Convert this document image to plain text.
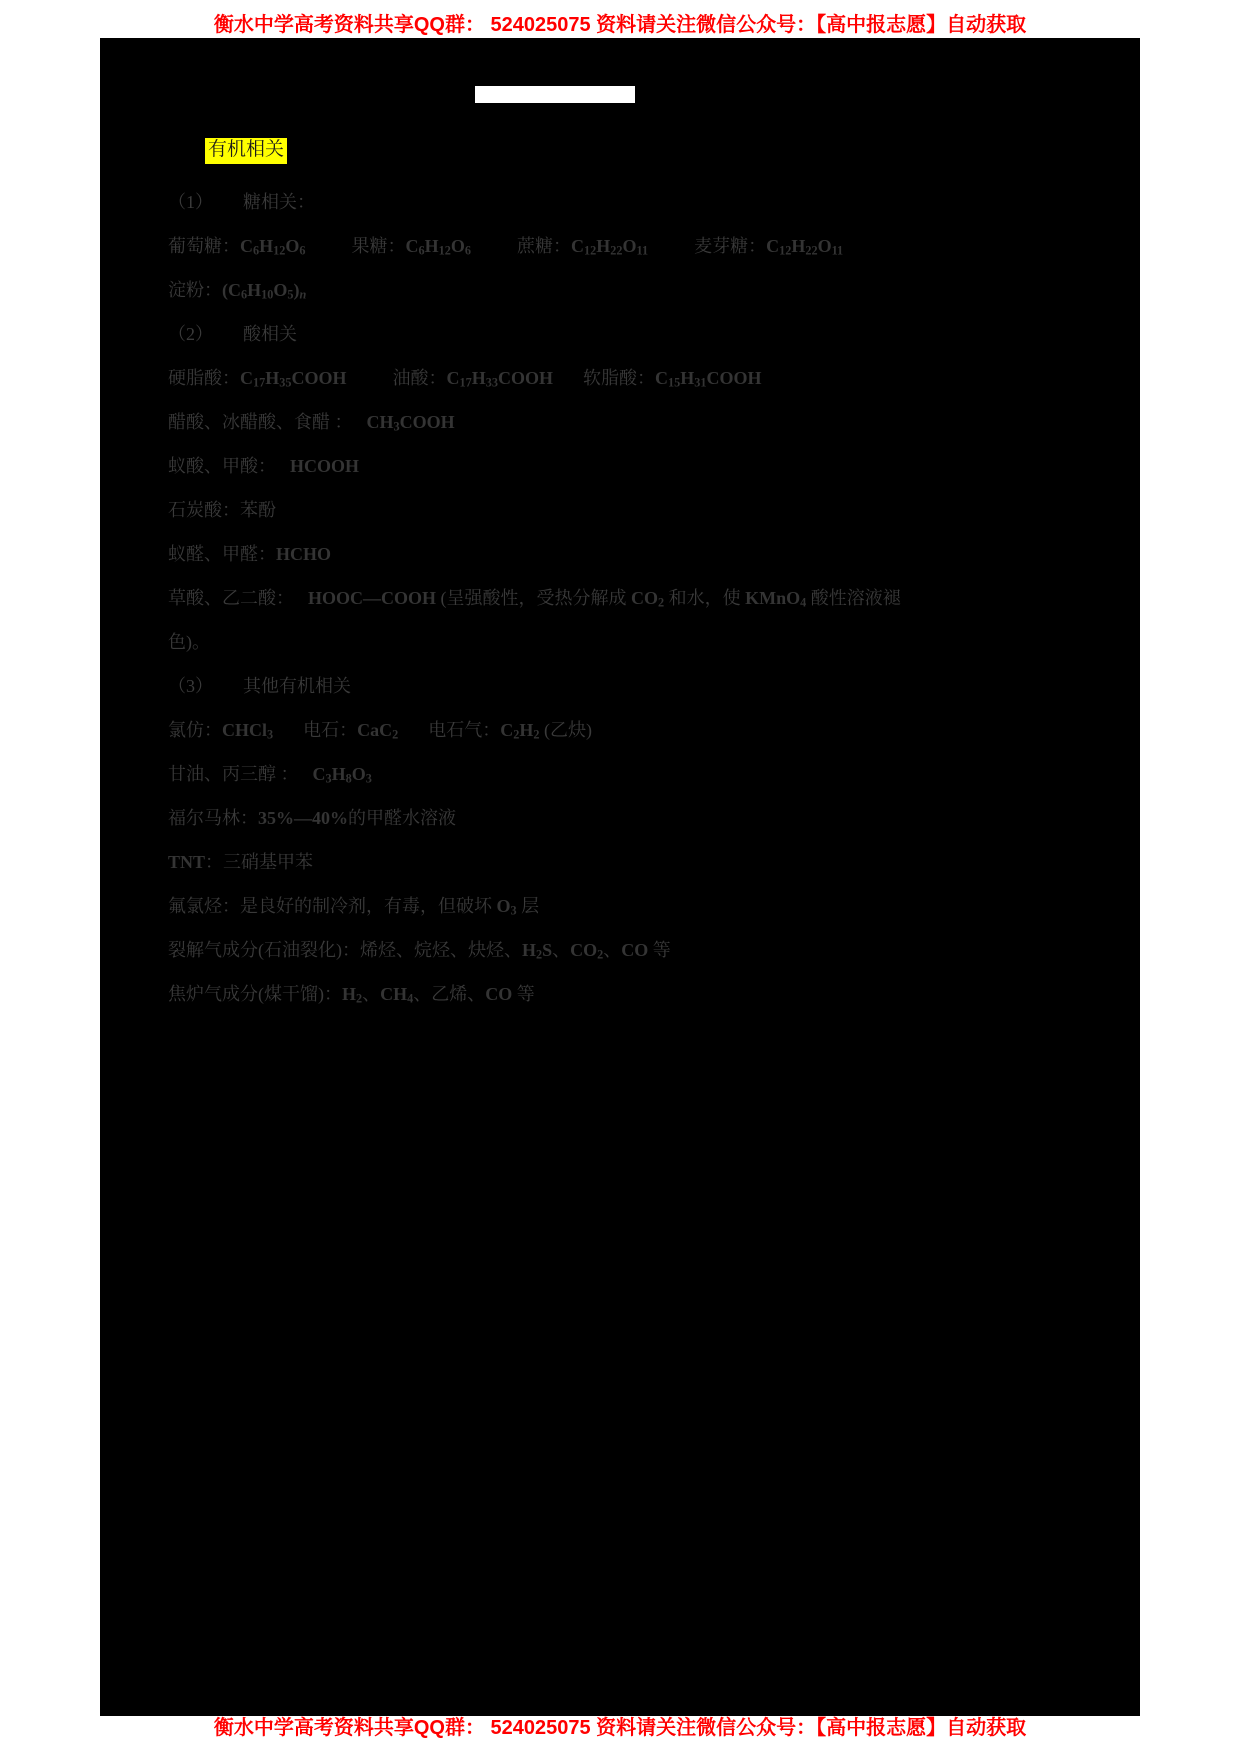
衡水中学高考资料共享QQ群： 524025075 资料请关注微信公众号：【高中报志愿】自动获取
有机相关
（1） 糖相关：
葡萄糖：$C_6H_{12}O_6$	果糖：$C_6H_{12}O_6$	蔗糖：$C_{12}H_{22}O_{11}$	麦芽糖：$C_{12}H_{22}O_{11}$
淀粉：$(C_6H_{10}O_5)_n$
（2） 酸相关
硬脂酸：$C_{17}H_{35}COOH$	油酸：$C_{17}H_{33}COOH$ 软脂酸：$C_{15}H_{31}COOH$
醋酸、冰醋酸、食醋 ： $CH_3COOH$
蚁酸、甲酸： HCOOH
石炭酸：苯酚
蚁醛、甲醛：HCHO
草酸、乙二酸： HOOC—COOH (呈强酸性，受热分解成 $CO_2$ 和水，使 KMnO$_4$ 酸性溶液褪
色)。
（3） 其他有机相关
氯仿：CHCl$_3$ 电石：CaC$_2$ 电石气：$C_2H_2$ (乙炔)
甘油、丙三醇 ： $C_3H_8O_3$
福尔马林：35%—40%的甲醛水溶液
TNT：三硝基甲苯
氟氯烃：是良好的制冷剂，有毒，但破坏 $O_3$ 层
裂解气成分(石油裂化)：烯烃、烷烃、炔烃、$H_2S$、$CO_2$、CO 等
焦炉气成分(煤干馏)：$H_2$、$CH_4$、乙烯、CO 等
衡水中学高考资料共享QQ群： 524025075 资料请关注微信公众号：【高中报志愿】自动获取
